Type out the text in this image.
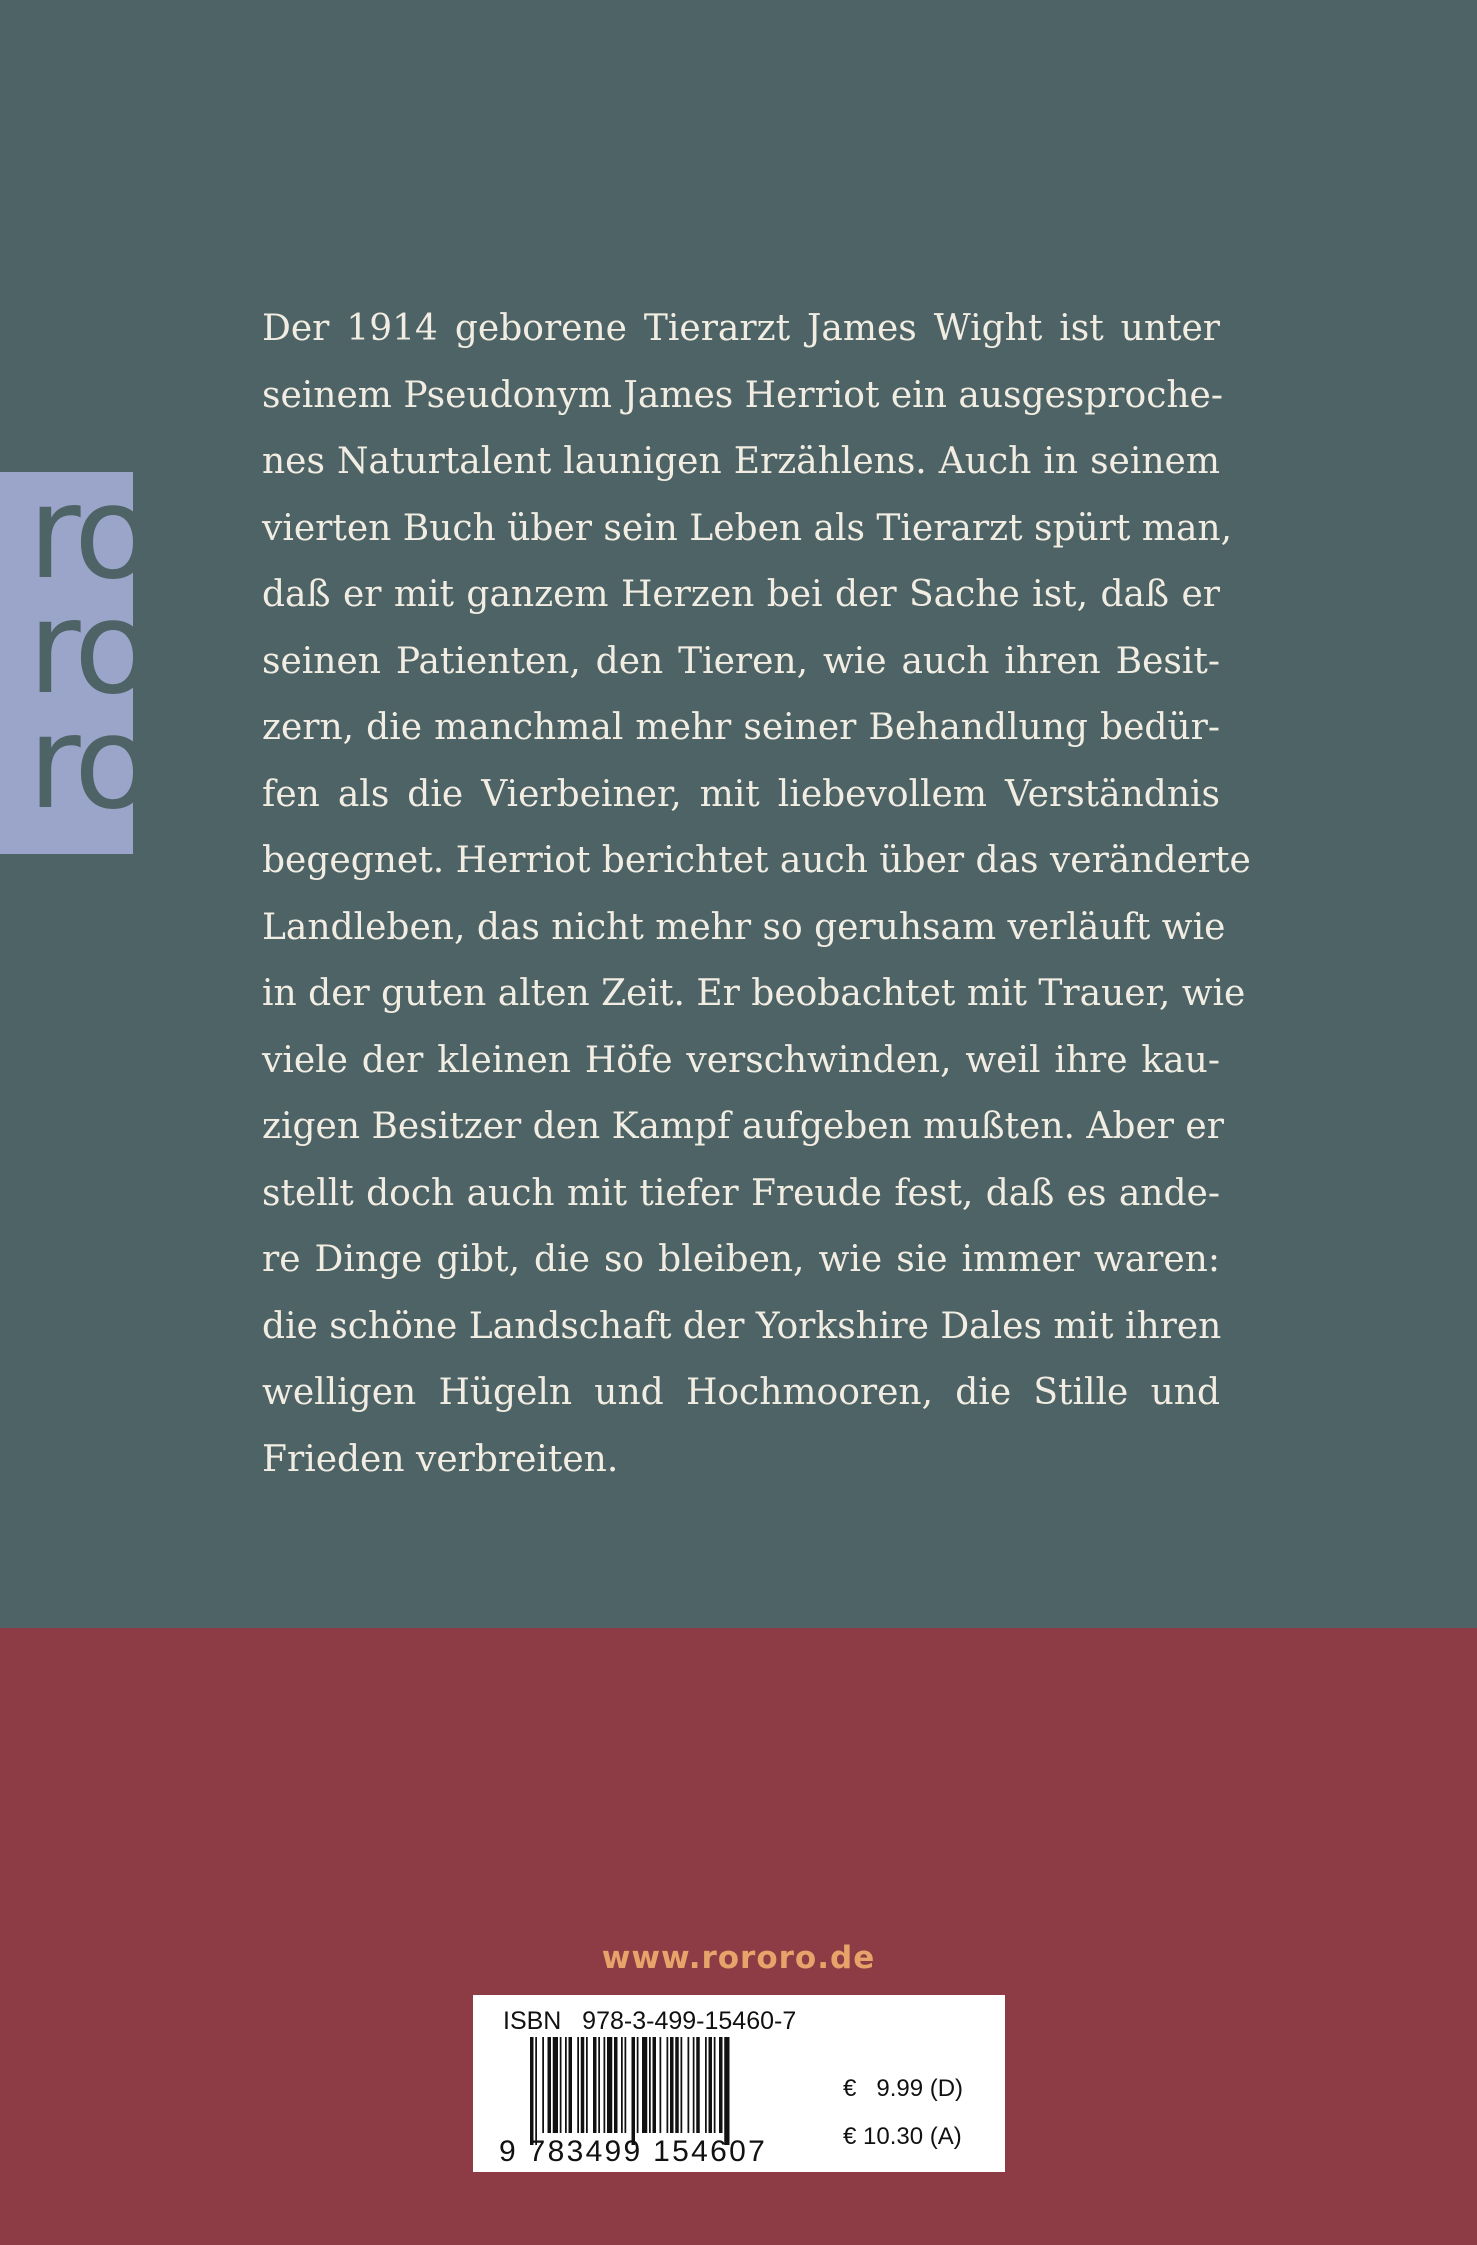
ro
ro
ro
Der 1914 geborene Tierarzt James Wight ist unter
seinem Pseudonym James Herriot ein ausgesproche-
nes Naturtalent launigen Erzählens. Auch in seinem
vierten Buch über sein Leben als Tierarzt spürt man,
daß er mit ganzem Herzen bei der Sache ist, daß er
seinen Patienten, den Tieren, wie auch ihren Besit-
zern, die manchmal mehr seiner Behandlung bedür-
fen als die Vierbeiner, mit liebevollem Verständnis
begegnet. Herriot berichtet auch über das veränderte
Landleben, das nicht mehr so geruhsam verläuft wie
in der guten alten Zeit. Er beobachtet mit Trauer, wie
viele der kleinen Höfe verschwinden, weil ihre kau-
zigen Besitzer den Kampf aufgeben mußten. Aber er
stellt doch auch mit tiefer Freude fest, daß es ande-
re Dinge gibt, die so bleiben, wie sie immer waren:
die schöne Landschaft der Yorkshire Dales mit ihren
welligen Hügeln und Hochmooren, die Stille und
Frieden verbreiten.
www.rororo.de
ISBN   978-3-499-15460-7
9 783499 154607
€   9.99 (D)
€ 10.30 (A)
